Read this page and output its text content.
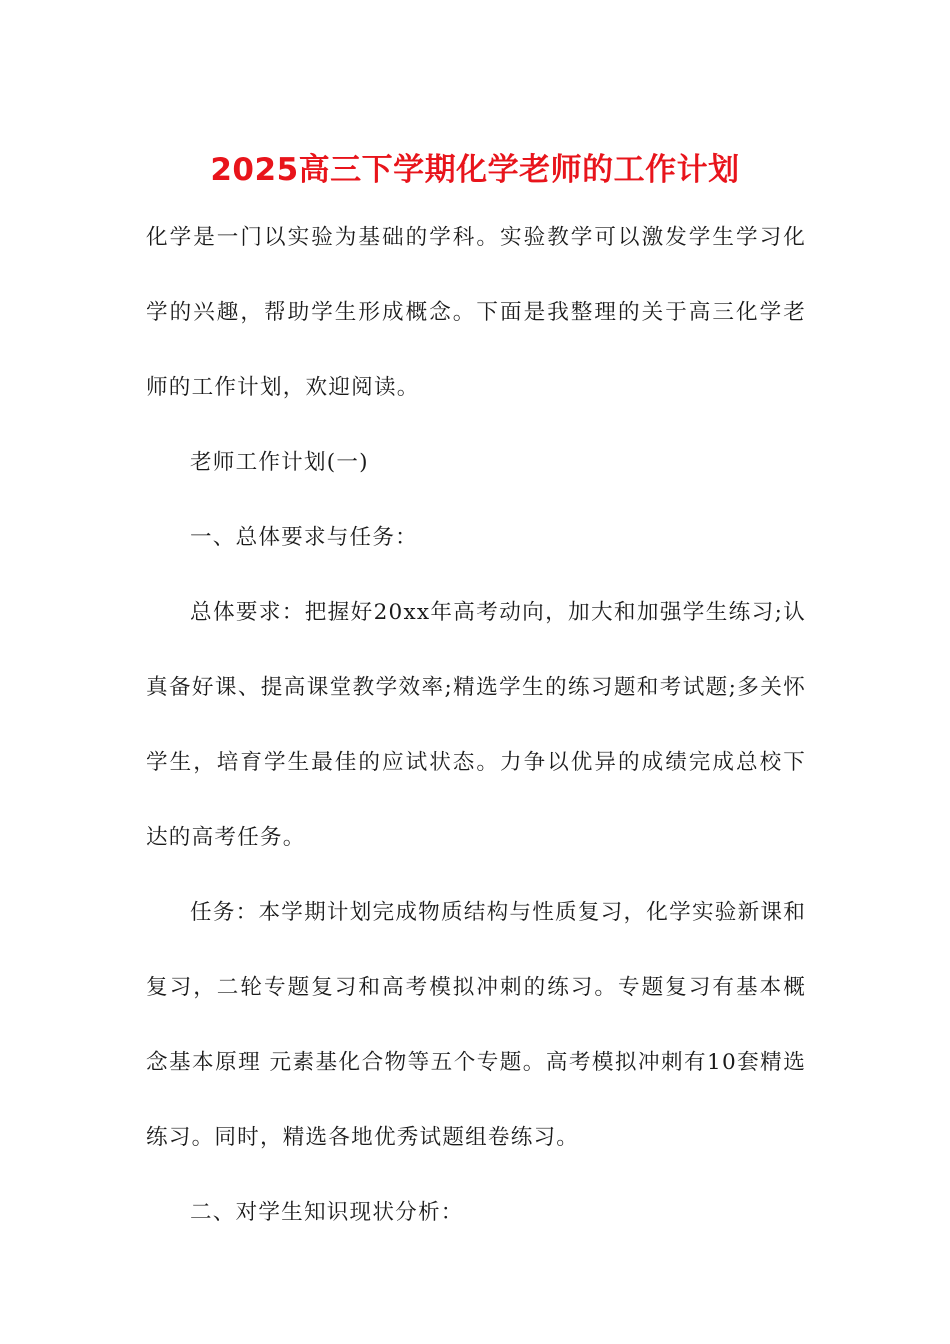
2025高三下学期化学老师的工作计划

化学是一门以实验为基础的学科。实验教学可以激发学生学习化学的兴趣，帮助学生形成概念。下面是我整理的关于高三化学老师的工作计划，欢迎阅读。

老师工作计划(一)

一、总体要求与任务：

总体要求：把握好20xx年高考动向，加大和加强学生练习;认真备好课、提高课堂教学效率;精选学生的练习题和考试题;多关怀学生，培育学生最佳的应试状态。力争以优异的成绩完成总校下达的高考任务。

任务：本学期计划完成物质结构与性质复习，化学实验新课和复习，二轮专题复习和高考模拟冲刺的练习。专题复习有基本概念基本原理 元素基化合物等五个专题。高考模拟冲刺有10套精选练习。同时，精选各地优秀试题组卷练习。

二、对学生知识现状分析：
